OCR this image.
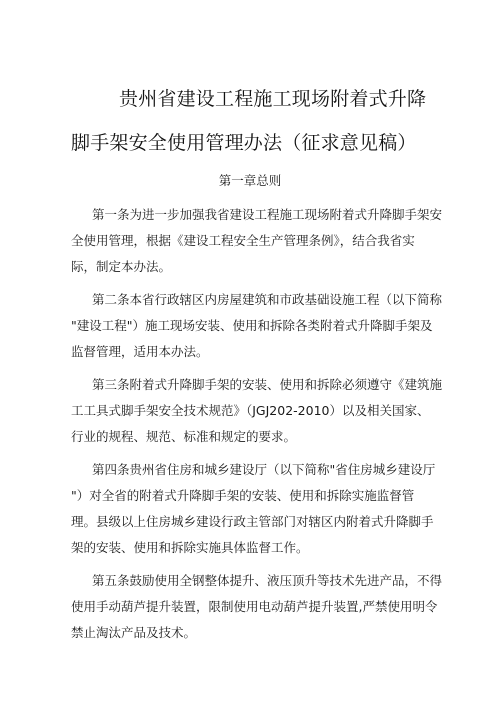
贵州省建设工程施工现场附着式升降
脚手架安全使用管理办法（征求意见稿）
第一章总则
第一条为进一步加强我省建设工程施工现场附着式升降脚手架安
全使用管理，根据《建设工程安全生产管理条例》，结合我省实
际，制定本办法。
第二条本省行政辖区内房屋建筑和市政基础设施工程（以下简称
"建设工程"）施工现场安装、使用和拆除各类附着式升降脚手架及
监督管理，适用本办法。
第三条附着式升降脚手架的安装、使用和拆除必须遵守《建筑施
工工具式脚手架安全技术规范》（JGJ202-2010）以及相关国家、
行业的规程、规范、标准和规定的要求。
第四条贵州省住房和城乡建设厅（以下简称"省住房城乡建设厅
"）对全省的附着式升降脚手架的安装、使用和拆除实施监督管
理。县级以上住房城乡建设行政主管部门对辖区内附着式升降脚手
架的安装、使用和拆除实施具体监督工作。
第五条鼓励使用全钢整体提升、液压顶升等技术先进产品，不得
使用手动葫芦提升装置，限制使用电动葫芦提升装置,严禁使用明令
禁止淘汰产品及技术。
